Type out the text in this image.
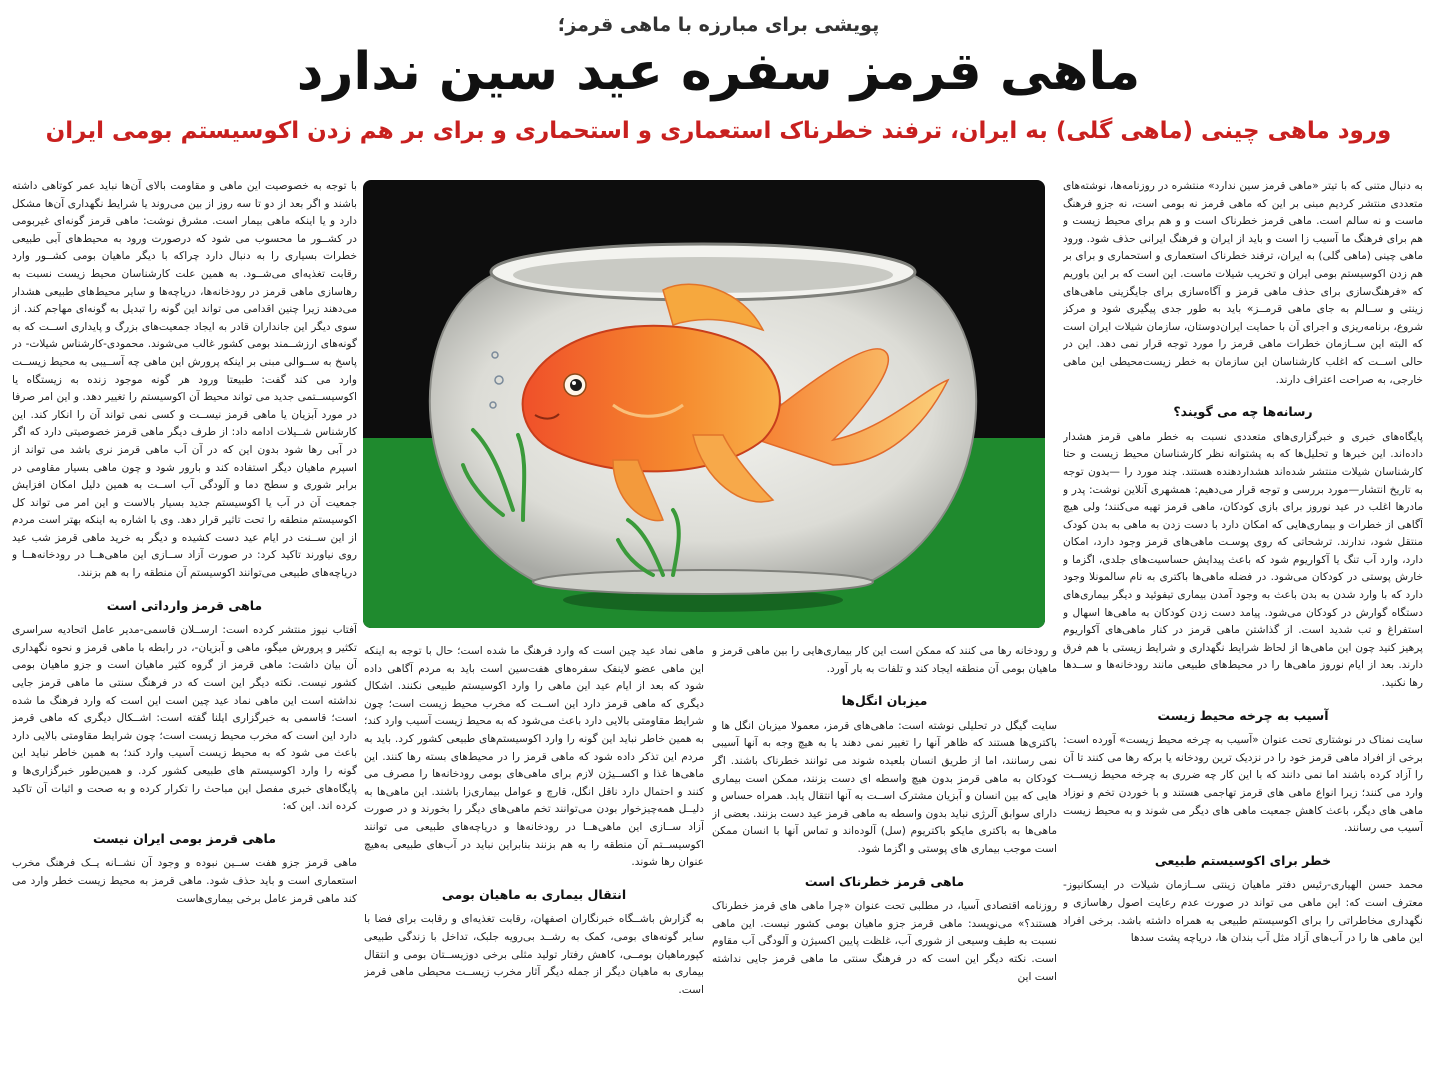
پویشی برای مبارزه با ماهی قرمز؛
ماهی قرمز سفره عید سین ندارد
ورود ماهی چینی (ماهی گلی) به ایران، ترفند خطرناک استعماری و استحماری و برای بر هم زدن اکوسیستم بومی ایران

به دنبال متنی که با تیتر «ماهی قرمز سین ندارد» منتشره در روزنامه‌ها، نوشته‌های متعددی منتشر کردیم مبنی بر این که ماهی قرمز نه بومی است، نه جزو فرهنگ ماست و نه سالم است. ماهی قرمز خطرناک است و و هم برای محیط زیست و هم برای فرهنگ ما آسیب زا است و باید از ایران و فرهنگ ایرانی حذف شود. ورود ماهی چینی (ماهی گلی) به ایران، ترفند خطرناک استعماری و استحماری و برای بر هم زدن اکوسیستم بومی ایران و تخریب شیلات ماست. این است که بر این باوریم که «فرهنگ‌سازی برای حذف ماهی قرمز و آگاه‌سازی برای جایگزینی ماهی‌های زینتی و ســالم به جای ماهی قرمــز» باید به طور جدی پیگیری شود و مرکز شروع، برنامه‌ریزی و اجرای آن با حمایت ایران‌دوستان، سازمان شیلات ایران است که البته این ســازمان خطرات ماهی قرمز را مورد توجه قرار نمی دهد. این در حالی اســت که اغلب کارشناسان این سازمان به خطر زیست‌محیطی این ماهی خارجی، به صراحت اعتراف دارند.

رسانه‌ها چه می گویند؟

پایگاه‌های خبری و خبرگزاری‌های متعددی نسبت به خطر ماهی قرمز هشدار داده‌اند. این خبرها و تحلیل‌ها که به پشتوانه نظر کارشناسان محیط زیست و حتا کارشناسان شیلات منتشر شده‌اند هشداردهنده هستند. چند مورد را —بدون توجه به تاریخ انتشار—مورد بررسی و توجه قرار می‌دهیم: همشهری آنلاین نوشت: پدر و مادرها اغلب در عید نوروز برای بازی کودکان، ماهی قرمز تهیه می‌کنند؛ ولی هیچ آگاهی از خطرات و بیماری‌هایی که امکان دارد با دست زدن به ماهی به بدن کودک منتقل شود، ندارند. ترشحاتی که روی پوسـت ماهی‌های قرمز وجود دارد، امکان دارد، وارد آب تنگ یا آکواریوم شود که باعث پیدایش حساسیت‌های جلدی، اگزما و خارش پوستی در کودکان می‌شود. در فضله ماهی‌ها باکتری به نام سالمونلا وجود دارد که با وارد شدن به بدن باعث به وجود آمدن بیماری تیفوئید و دیگر بیماری‌های دستگاه گوارش در کودکان می‌شود. پیامد دست زدن کودکان به ماهی‌ها اسهال و استفراغ و تب شدید است. از گذاشتن ماهی قرمز در کنار ماهی‌های آکواریوم پرهیز کنید چون این ماهی‌ها از لحاظ شرایط نگهداری و شرایط زیستی با هم فرق دارند. بعد از ایام نوروز ماهی‌ها را در محیط‌های طبیعی مانند رودخانه‌ها و ســدها رها نکنید.

آسیب به چرخه محیط زیست

سایت نمناک در نوشتاری تحت عنوان «آسیب به چرخه محیط زیست» آورده است: برخی از افراد ماهی قرمز خود را در نزدیک ترین رودخانه یا برکه رها می کنند تا آن را آزاد کرده باشند اما نمی دانند که با این کار چه ضرری به چرخه محیط زیســت وارد می کنند؛ زیرا انواع ماهی های قرمز تهاجمی هستند و با خوردن تخم و نوزاد ماهی های دیگر، باعث کاهش جمعیت ماهی های دیگر می شوند و به محیط زیست آسیب می رسانند.

خطر برای اکوسیستم طبیعی

محمد حسن الهیاری-رئیس دفتر ماهیان زینتی ســازمان شیلات در ایسکانیوز- معترف است که: این ماهی می تواند در صورت عدم رعایت اصول رهاسازی و نگهداری مخاطراتی را برای اکوسیستم طبیعی به همراه داشته باشد. برخی افراد این ماهی ها را در آب‌های آزاد مثل آب بندان ها، دریاچه پشت سدها

با توجه به خصوصیت این ماهی و مقاومت بالای آن‌ها نباید عمر کوتاهی داشته باشند و اگر بعد از دو تا سه روز از بین می‌روند یا شرایط نگهداری آن‌ها مشکل دارد و یا اینکه ماهی بیمار است. مشرق نوشت: ماهی قرمز گونه‌ای غیربومی در کشــور ما محسوب می شود که درصورت ورود به محیط‌های آبی طبیعی خطرات بسیاری را به دنبال دارد چراکه با دیگر ماهیان بومی کشــور وارد رقابت تغذیه‌ای می‌شــود. به همین علت کارشناسان محیط زیست نسبت به رهاسازی ماهی قرمز در رودخانه‌ها، دریاچه‌ها و سایر محیط‌های طبیعی هشدار می‌دهند زیرا چنین اقدامی می تواند این گونه را تبدیل به گونه‌ای مهاجم کند. از سوی دیگر این جانداران قادر به ایجاد جمعیت‌های بزرگ و پایداری اســت که به گونه‌های ارزشــمند بومی کشور غالب می‌شوند. محمودی-کارشناس شیلات- در پاسخ به ســوالی مبنی بر اینکه پرورش این ماهی چه آســیبی به محیط زیســت وارد می کند گفت: طبیعتا ورود هر گونه موجود زنده به زیستگاه یا اکوسیســتمی جدید می تواند محیط آن اکوسیستم را تغییر دهد. و این امر صرفا در مورد آبزیان یا ماهی قرمز نیســت و کسی نمی تواند آن را انکار کند. این کارشناس شــیلات ادامه داد: از طرف دیگر ماهی قرمز خصوصیتی دارد که اگر در آبی رها شود بدون این که در آن آب ماهی قرمز نری باشد می تواند از اسپرم ماهیان دیگر استفاده کند و بارور شود و چون ماهی بسیار مقاومی در برابر شوری و سطح دما و آلودگی آب اســت به همین دلیل امکان افزایش جمعیت آن در آب یا اکوسیستم جدید بسیار بالاست و این امر می تواند کل اکوسیستم منطقه را تحت تاثیر قرار دهد. وی با اشاره به اینکه بهتر است مردم از این ســنت در ایام عید دست کشیده و دیگر به خرید ماهی قرمز شب عید روی نیاورند تاکید کرد: در صورت آزاد ســازی این ماهی‌هــا در رودخانه‌هــا و دریاچه‌های طبیعی می‌توانند اکوسیستم آن منطقه را به هم بزنند.

ماهی قرمز وارداتی است

آفتاب نیوز منتشر کرده است: ارســلان قاسمی-مدیر عامل اتحادیه سراسری تکثیر و پرورش میگو، ماهی و آبزیان-، در رابطه با ماهی قرمز و نحوه نگهداری آن بیان داشت: ماهی قرمز از گروه کثیر ماهیان است و جزو ماهیان بومی کشور نیست. نکته دیگر این است که در فرهنگ سنتی ما ماهی قرمز جایی نداشته است این ماهی نماد عید چین است این است که وارد فرهنگ ما شده است؛ قاسمی به خبرگزاری ایلنا گفته است: اشــکال دیگری که ماهی قرمز دارد این است که مخرب محیط زیست است؛ چون شرایط مقاومتی بالایی دارد باعث می شود که به محیط زیست آسیب وارد کند؛ به همین خاطر نباید این گونه را وارد اکوسیستم های طبیعی کشور کرد. و همین‌طور خبرگزاری‌ها و پایگاه‌های خبری مفصل این مباحث را تکرار کرده و به صحت و اثبات آن تاکید کرده اند. این که:

ماهی قرمز بومی ایران نیست

ماهی قرمز جزو هفت ســین نبوده و وجود آن نشــانه یــک فرهنگ مخرب استعماری است و باید حذف شود. ماهی قرمز به محیط زیست خطر وارد می کند ماهی قرمز عامل برخی بیماری‌هاست

و رودخانه رها می کنند که ممکن است این کار بیماری‌هایی را بین ماهی قرمز و ماهیان بومی آن منطقه ایجاد کند و تلفات به بار آورد.

میزبان انگل‌ها

سایت گیگل در تحلیلی نوشته است: ماهی‌های قرمز، معمولا میزبان انگل ها و باکتری‌ها هستند که ظاهر آنها را تغییر نمی دهند یا به هیچ وجه به آنها آسیبی نمی رسانند، اما از طریق انسان بلعیده شوند می توانند خطرناک باشند. اگر کودکان به ماهی قرمز بدون هیچ واسطه ای دست بزنند، ممکن است بیماری هایی که بین انسان و آبزیان مشترک اســت به آنها انتقال یابد. همراه حساس و دارای سوابق آلرژی نباید بدون واسطه به ماهی قرمز عید دست بزنند. بعضی از ماهی‌ها به باکتری مایکو باکتریوم (سل) آلوده‌اند و تماس آنها با انسان ممکن است موجب بیماری های پوستی و اگزما شود.

ماهی قرمز خطرناک است

روزنامه اقتصادی آسیا، در مطلبی تحت عنوان «چرا ماهی های قرمز خطرناک هستند؟» می‌نویسد: ماهی قرمز جزو ماهیان بومی کشور نیست. این ماهی نسبت به طیف وسیعی از شوری آب، غلظت پایین اکسیژن و آلودگی آب مقاوم است. نکته دیگر این است که در فرهنگ سنتی ما ماهی قرمز جایی نداشته است این

ماهی نماد عید چین است که وارد فرهنگ ما شده است؛ حال با توجه به اینکه این ماهی عضو لاینفک سفره‌های هفت‌سین است باید به مردم آگاهی داده شود که بعد از ایام عید این ماهی را وارد اکوسیستم طبیعی نکنند. اشکال دیگری که ماهی قرمز دارد این اســت که مخرب محیط زیست است؛ چون شرایط مقاومتی بالایی دارد باعث می‌شود که به محیط زیست آسیب وارد کند؛ به همین خاطر نباید این گونه را وارد اکوسیستم‌های طبیعی کشور کرد. باید به مردم این تذکر داده شود که ماهی قرمز را در محیط‌های بسته رها کنند. این ماهی‌ها غذا و اکســیژن لازم برای ماهی‌های بومی رودخانه‌ها را مصرف می کنند و احتمال دارد ناقل انگل، قارچ و عوامل بیماری‌زا باشند. این ماهی‌ها به دلیــل همه‌چیز‌خوار بودن می‌توانند تخم ماهی‌های دیگر را بخورند و در صورت آزاد ســازی این ماهی‌هــا در رودخانه‌ها و دریاچه‌های طبیعی می توانند اکوسیســتم آن منطقه را به هم بزنند بنابراین نباید در آب‌های طبیعی به‌هیچ عنوان رها شوند.

انتقال بیماری به ماهیان بومی

به گزارش باشــگاه خبرنگاران اصفهان، رقابت تغذیه‌ای و رقابت برای فضا با سایر گونه‌های بومی، کمک به رشــد بی‌رویه جلبک، تداخل با زندگی طبیعی کپورماهیان بومــی، کاهش رفتار تولید مثلی برخی دوزیســتان بومی و انتقال بیماری به ماهیان دیگر از جمله دیگر آثار مخرب زیســت محیطی ماهی قرمز است.
